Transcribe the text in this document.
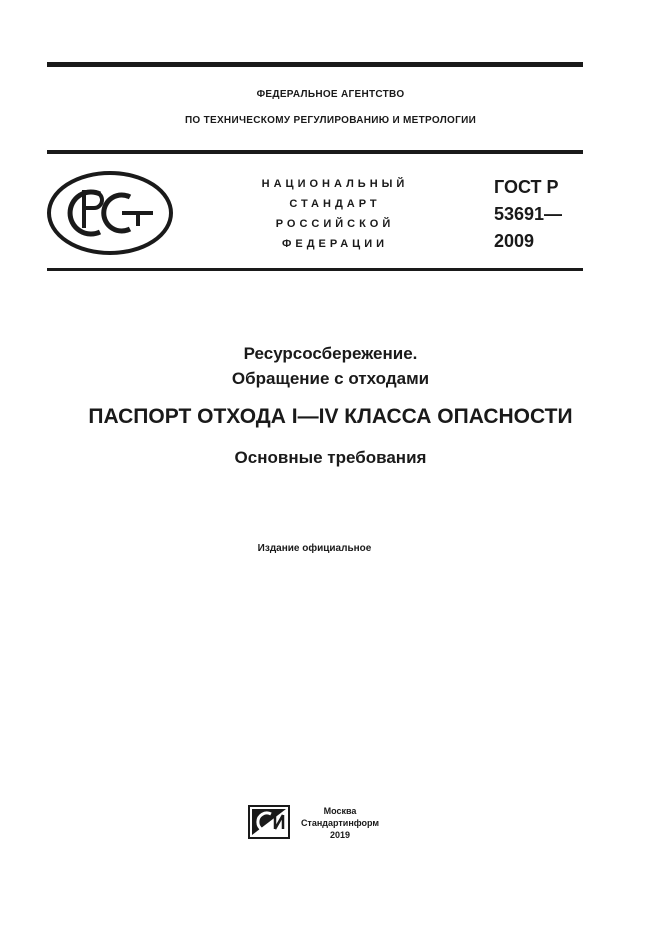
ФЕДЕРАЛЬНОЕ АГЕНТСТВО
ПО ТЕХНИЧЕСКОМУ РЕГУЛИРОВАНИЮ И МЕТРОЛОГИИ
НАЦИОНАЛЬНЫЙ
СТАНДАРТ
РОССИЙСКОЙ
ФЕДЕРАЦИИ
ГОСТ Р
53691—
2009
Ресурсосбережение.
Обращение с отходами
ПАСПОРТ ОТХОДА I—IV КЛАССА ОПАСНОСТИ
Основные требования
Издание официальное
Москва
Стандартинформ
2019
